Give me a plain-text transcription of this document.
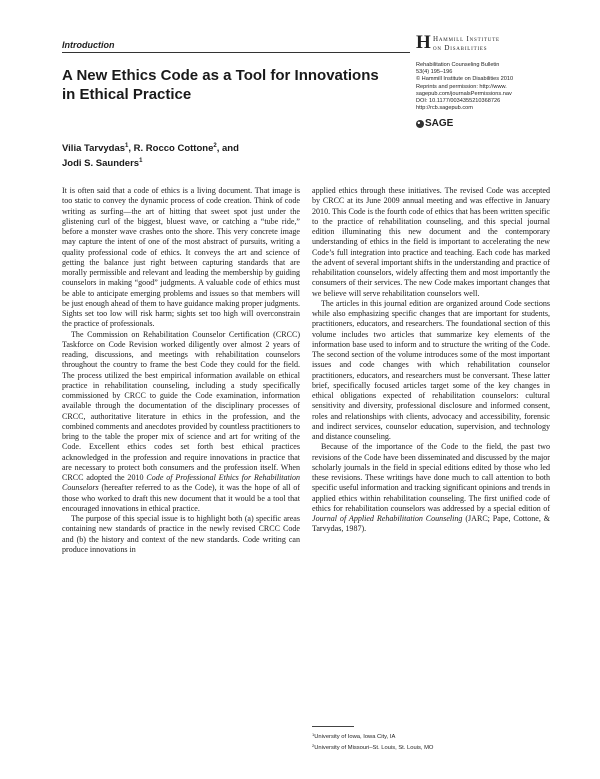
Introduction	H Hammill Institute
on Disabilities
Rehabilitation Counseling Bulletin
53(4) 195–196
© Hammill Institute on Disabilities 2010
Reprints and permission: http://www.
sagepub.com/journalsPermissions.nav
DOI: 10.1177/0034355210368726
http://rcb.sagepub.com
SAGE
A New Ethics Code as a Tool for Innovations in Ethical Practice
Vilia Tarvydas$^1$, R. Rocco Cottone$^2$, and
Jodi S. Saunders$^1$

It is often said that a code of ethics is a living document. That image is too static to convey the dynamic process of code creation. Think of code writing as surfing—the art of hitting that sweet spot just under the glistening curl of the biggest, bluest wave, or catching a “tube ride,” before a monster wave crashes onto the shore. This very concrete image may capture the intent of one of the most abstract of pursuits, writing a quality professional code of ethics. It conveys the art and science of getting the balance just right between capturing standards that are morally permissible and relevant and leading the membership by guiding counselors in making “good” judgments. A valuable code of ethics must be able to anticipate emerging problems and issues so that members will be just enough ahead of them to have guidance making proper judgments. Sights set too low will risk harm; sights set too high will overconstrain the practice of professionals.

The Commission on Rehabilitation Counselor Certification (CRCC) Taskforce on Code Revision worked diligently over almost 2 years of reading, discussions, and meetings with rehabilitation counselors throughout the country to frame the best Code they could for the field. The process utilized the best empirical information available on ethical practice in rehabilitation counseling, including a study specifically commissioned by CRCC to guide the Code examination, information available through the documentation of the disciplinary processes of CRCC, authoritative literature in ethics in the profession, and the combined comments and anecdotes provided by countless practitioners to bring to the table the proper mix of science and art for writing of the Code. Excellent ethics codes set forth best ethical practices acknowledged in the profession and require innovations in practice that are necessary to protect both consumers and the profession itself. When CRCC adopted the 2010 Code of Professional Ethics for Rehabilitation Counselors (hereafter referred to as the Code), it was the hope of all of those who worked to draft this new document that it would be a tool that encouraged innovations in ethical practice.

The purpose of this special issue is to highlight both (a) specific areas containing new standards of practice in the newly revised CRCC Code and (b) the history and context of the new standards. Code writing can produce innovations in

applied ethics through these initiatives. The revised Code was accepted by CRCC at its June 2009 annual meeting and was effective in January 2010. This Code is the fourth code of ethics that has been written specific to the practice of rehabilitation counseling, and this special journal edition illuminating this new document and the contemporary understanding of ethics in the field is important to accelerating the new Code’s full integration into practice and teaching. Each code has marked the advent of several important shifts in the understanding and practice of rehabilitation counselors, widely affecting them and most importantly the consumers of their services. The new Code makes important changes that we believe will serve rehabilitation counselors well.

The articles in this journal edition are organized around Code sections while also emphasizing specific changes that are important for students, practitioners, educators, and researchers. The foundational section of this volume includes two articles that summarize key elements of the information base used to inform and to structure the writing of the Code. The second section of the volume introduces some of the most important issues and code changes with which rehabilitation counselor practitioners, educators, and researchers must be conversant. These latter brief, specifically focused articles target some of the key changes in ethical obligations expected of rehabilitation counselors: cultural sensitivity and diversity, professional disclosure and informed consent, roles and relationships with clients, advocacy and accessibility, forensic and indirect services, counselor education, supervision, and technology and distance counseling.

Because of the importance of the Code to the field, the past two revisions of the Code have been disseminated and discussed by the major scholarly journals in the field in special editions edited by those who led these revisions. These writings have done much to call attention to both specific useful information and tracking significant opinions and trends in applied ethics within rehabilitation counseling. The first unified code of ethics for rehabilitation counselors was addressed by a special edition of Journal of Applied Rehabilitation Counseling (JARC; Pape, Cottone, & Tarvydas, 1987).

$^1$University of Iowa, Iowa City, IA
$^2$University of Missouri–St. Louis, St. Louis, MO
